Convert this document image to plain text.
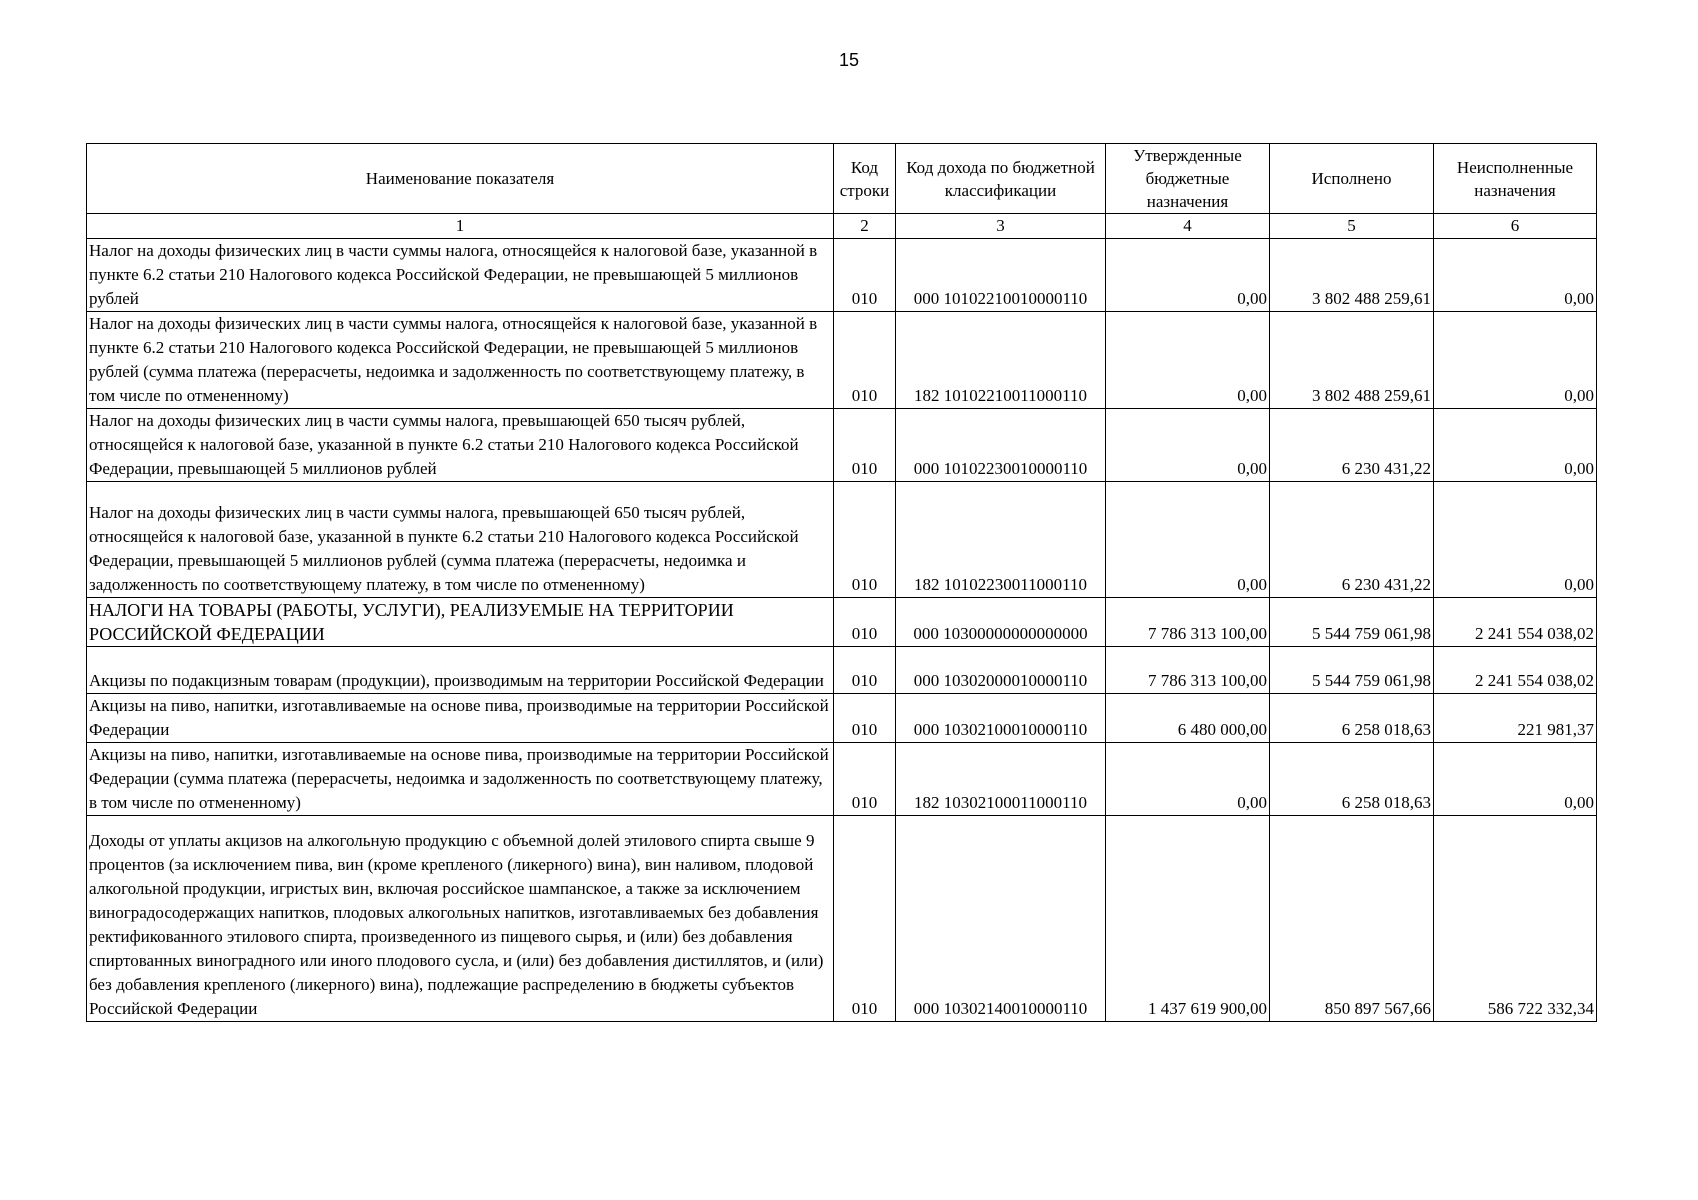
15
Наименование показателя	Код строки	Код дохода по бюджетной классификации	Утвержденные бюджетные назначения	Исполнено	Неисполненные назначения
1	2	3	4	5	6
Налог на доходы физических лиц в части суммы налога, относящейся к налоговой базе, указанной в пункте 6.2 статьи 210 Налогового кодекса Российской Федерации, не превышающей 5 миллионов рублей	010	000 10102210010000110	0,00	3 802 488 259,61	0,00
Налог на доходы физических лиц в части суммы налога, относящейся к налоговой базе, указанной в пункте 6.2 статьи 210 Налогового кодекса Российской Федерации, не превышающей 5 миллионов рублей (сумма платежа (перерасчеты, недоимка и задолженность по соответствующему платежу, в том числе по отмененному)	010	182 10102210011000110	0,00	3 802 488 259,61	0,00
Налог на доходы физических лиц в части суммы налога, превышающей 650 тысяч рублей, относящейся к налоговой базе, указанной в пункте 6.2 статьи 210 Налогового кодекса Российской Федерации, превышающей 5 миллионов рублей	010	000 10102230010000110	0,00	6 230 431,22	0,00
Налог на доходы физических лиц в части суммы налога, превышающей 650 тысяч рублей, относящейся к налоговой базе, указанной в пункте 6.2 статьи 210 Налогового кодекса Российской Федерации, превышающей 5 миллионов рублей (сумма платежа (перерасчеты, недоимка и задолженность по соответствующему платежу, в том числе по отмененному)	010	182 10102230011000110	0,00	6 230 431,22	0,00
НАЛОГИ НА ТОВАРЫ (РАБОТЫ, УСЛУГИ), РЕАЛИЗУЕМЫЕ НА ТЕРРИТОРИИ РОССИЙСКОЙ ФЕДЕРАЦИИ	010	000 10300000000000000	7 786 313 100,00	5 544 759 061,98	2 241 554 038,02
Акцизы по подакцизным товарам (продукции), производимым на территории Российской Федерации	010	000 10302000010000110	7 786 313 100,00	5 544 759 061,98	2 241 554 038,02
Акцизы на пиво, напитки, изготавливаемые на основе пива, производимые на территории Российской Федерации	010	000 10302100010000110	6 480 000,00	6 258 018,63	221 981,37
Акцизы на пиво, напитки, изготавливаемые на основе пива, производимые на территории Российской Федерации (сумма платежа (перерасчеты, недоимка и задолженность по соответствующему платежу, в том числе по отмененному)	010	182 10302100011000110	0,00	6 258 018,63	0,00
Доходы от уплаты акцизов на алкогольную продукцию с объемной долей этилового спирта свыше 9 процентов (за исключением пива, вин (кроме крепленого (ликерного) вина), вин наливом, плодовой алкогольной продукции, игристых вин, включая российское шампанское, а также за исключением виноградосодержащих напитков, плодовых алкогольных напитков, изготавливаемых без добавления ректификованного этилового спирта, произведенного из пищевого сырья, и (или) без добавления спиртованных виноградного или иного плодового сусла, и (или) без добавления дистиллятов, и (или) без добавления крепленого (ликерного) вина), подлежащие распределению в бюджеты субъектов Российской Федерации	010	000 10302140010000110	1 437 619 900,00	850 897 567,66	586 722 332,34
